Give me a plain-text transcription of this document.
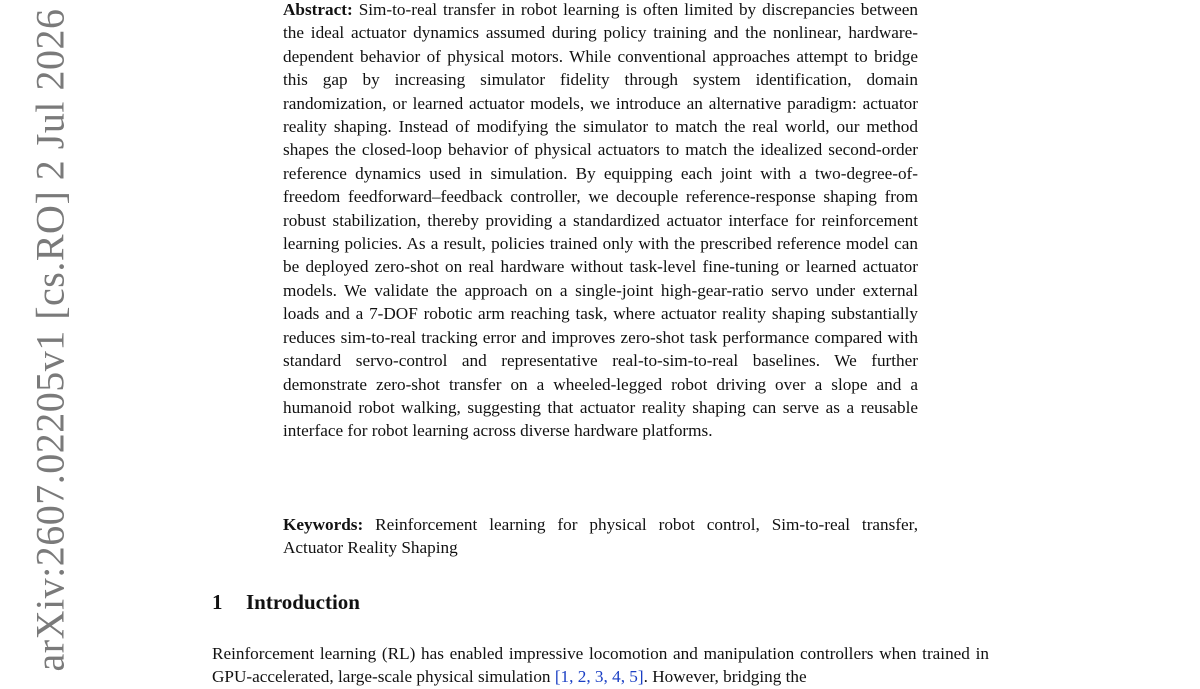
arXiv:2607.02205v1 [cs.RO] 2 Jul 2026	Abstract: Sim-to-real transfer in robot learning is often limited by discrepancies between the ideal actuator dynamics assumed during policy training and the nonlinear, hardware-dependent behavior of physical motors. While conventional approaches attempt to bridge this gap by increasing simulator fidelity through system identification, domain randomization, or learned actuator models, we introduce an alternative paradigm: actuator reality shaping. Instead of modifying the simulator to match the real world, our method shapes the closed-loop behavior of physical actuators to match the idealized second-order reference dynamics used in simulation. By equipping each joint with a two-degree-of-freedom feedforward–feedback controller, we decouple reference-response shaping from robust stabilization, thereby providing a standardized actuator interface for reinforcement learning policies. As a result, policies trained only with the prescribed reference model can be deployed zero-shot on real hardware without task-level fine-tuning or learned actuator models. We validate the approach on a single-joint high-gear-ratio servo under external loads and a 7-DOF robotic arm reaching task, where actuator reality shaping substantially reduces sim-to-real tracking error and improves zero-shot task performance compared with standard servo-control and representative real-to-sim-to-real baselines. We further demonstrate zero-shot transfer on a wheeled-legged robot driving over a slope and a humanoid robot walking, suggesting that actuator reality shaping can serve as a reusable interface for robot learning across diverse hardware platforms.
Keywords: Reinforcement learning for physical robot control, Sim-to-real transfer, Actuator Reality Shaping
1 Introduction

Reinforcement learning (RL) has enabled impressive locomotion and manipulation controllers when trained in GPU-accelerated, large-scale physical simulation [1, 2, 3, 4, 5]. However, bridging the
